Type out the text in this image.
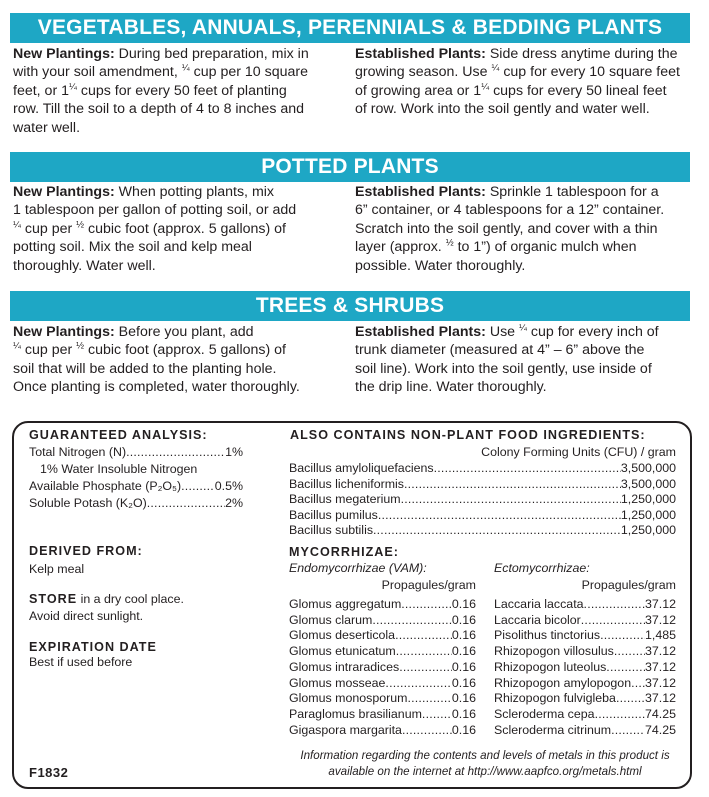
VEGETABLES, ANNUALS, PERENNIALS & BEDDING PLANTS
New Plantings: During bed preparation, mix in
with your soil amendment, $^{\frac{1}{4}}$ cup per 10 square
feet, or $1^{\frac{1}{4}}$ cups for every 50 feet of planting
row. Till the soil to a depth of 4 to 8 inches and
water well.
Established Plants: Side dress anytime during the
growing season. Use $^{\frac{1}{4}}$ cup for every 10 square feet
of growing area or $1^{\frac{1}{4}}$ cups for every 50 lineal feet
of row. Work into the soil gently and water well.
POTTED PLANTS
New Plantings: When potting plants, mix
1 tablespoon per gallon of potting soil, or add
$^{\frac{1}{4}}$ cup per $^{\frac{1}{2}}$ cubic foot (approx. 5 gallons) of
potting soil. Mix the soil and kelp meal
thoroughly. Water well.
Established Plants: Sprinkle 1 tablespoon for a
6” container, or 4 tablespoons for a 12” container.
Scratch into the soil gently, and cover with a thin
layer (approx. $^{\frac{1}{2}}$ to 1”) of organic mulch when
possible. Water thoroughly.
TREES & SHRUBS
New Plantings: Before you plant, add
$^{\frac{1}{4}}$ cup per $^{\frac{1}{2}}$ cubic foot (approx. 5 gallons) of
soil that will be added to the planting hole.
Once planting is completed, water thoroughly.
Established Plants: Use $^{\frac{1}{4}}$ cup for every inch of
trunk diameter (measured at 4” – 6” above the
soil line). Work into the soil gently, use inside of
the drip line. Water thoroughly.
GUARANTEED ANALYSIS:
Total Nitrogen (N) .....	1%
1% Water Insoluble Nitrogen
Available Phosphate (P₂O₅) .....	0.5%
Soluble Potash (K₂O) .....	2%
DERIVED FROM:
Kelp meal
STORE in a dry cool place.
Avoid direct sunlight.
EXPIRATION DATE
Best if used before
F1832
ALSO CONTAINS NON-PLANT FOOD INGREDIENTS:
Colony Forming Units (CFU) / gram
Bacillus amyloliquefaciens .....	3,500,000
Bacillus licheniformis .....	3,500,000
Bacillus megaterium .....	1,250,000
Bacillus pumilus .....	1,250,000
Bacillus subtilis .....	1,250,000
MYCORRHIZAE:
Endomycorrhizae (VAM):	Ectomycorrhizae:
Propagules/gram	Propagules/gram
Glomus aggregatum .....	0.16
Glomus clarum .....	0.16
Glomus deserticola .....	0.16
Glomus etunicatum .....	0.16
Glomus intraradices .....	0.16
Glomus mosseae .....	0.16
Glomus monosporum .....	0.16
Paraglomus brasilianum ..... 0.16
Gigaspora margarita .....	0.16
Laccaria laccata .....	37.12
Laccaria bicolor .....	37.12
Pisolithus tinctorius .....	1,485
Rhizopogon villosulus .....	37.12
Rhizopogon luteolus .....	37.12
Rhizopogon amylopogon ..... 37.12
Rhizopogon fulvigleba ..... 37.12
Scleroderma cepa .....	74.25
Scleroderma citrinum .....	74.25
Information regarding the contents and levels of metals in this product is
available on the internet at http://www.aapfco.org/metals.html
